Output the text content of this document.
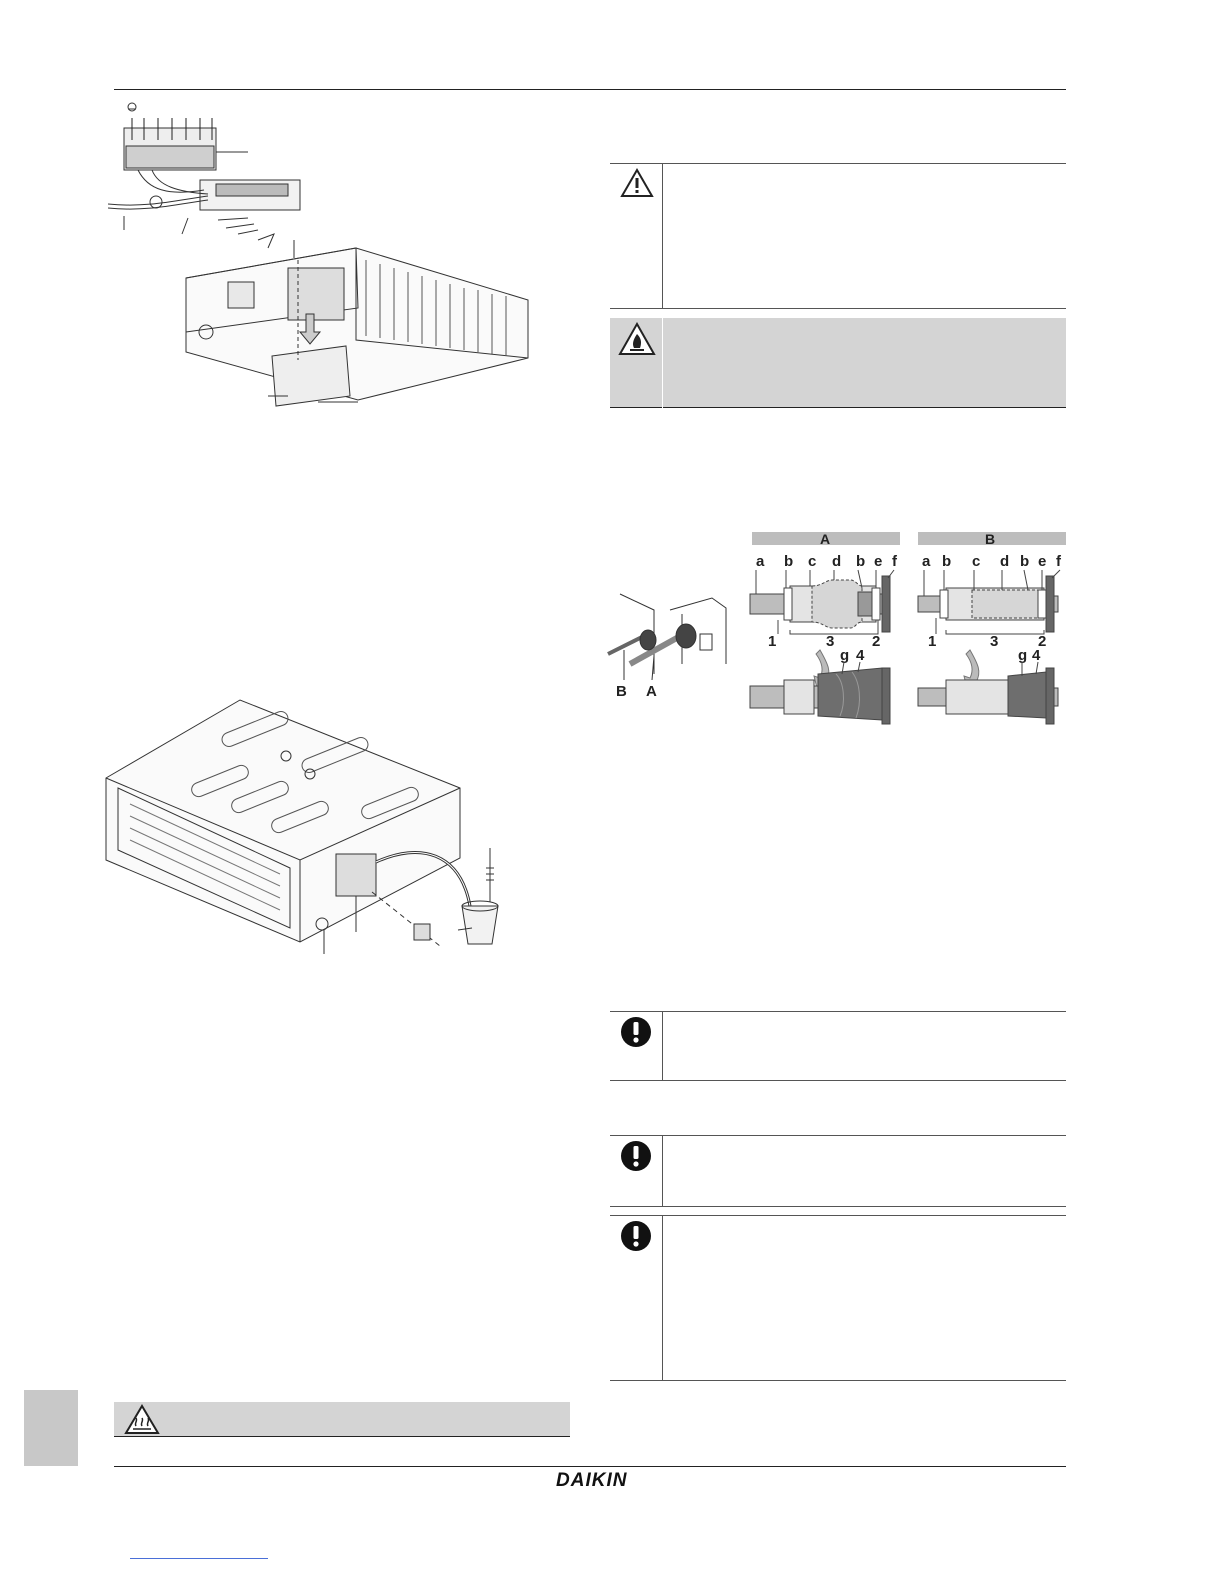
B A
A	B
a b c d b e f
1	3	2
g 4
a b c d b e f
1	3	2
g 4
DAIKIN
